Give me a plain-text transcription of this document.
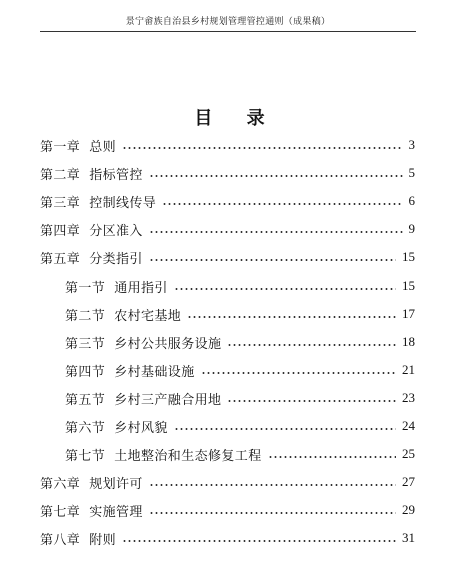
景宁畲族自治县乡村规划管理管控通则（成果稿）
目 录
第一章 总则	3
第二章 指标管控	5
第三章 控制线传导	6
第四章 分区准入	9
第五章 分类指引	15
第一节 通用指引	15
第二节 农村宅基地	17
第三节 乡村公共服务设施	18
第四节 乡村基础设施	21
第五节 乡村三产融合用地	23
第六节 乡村风貌	24
第七节 土地整治和生态修复工程	25
第六章 规划许可	27
第七章 实施管理	29
第八章 附则	31
